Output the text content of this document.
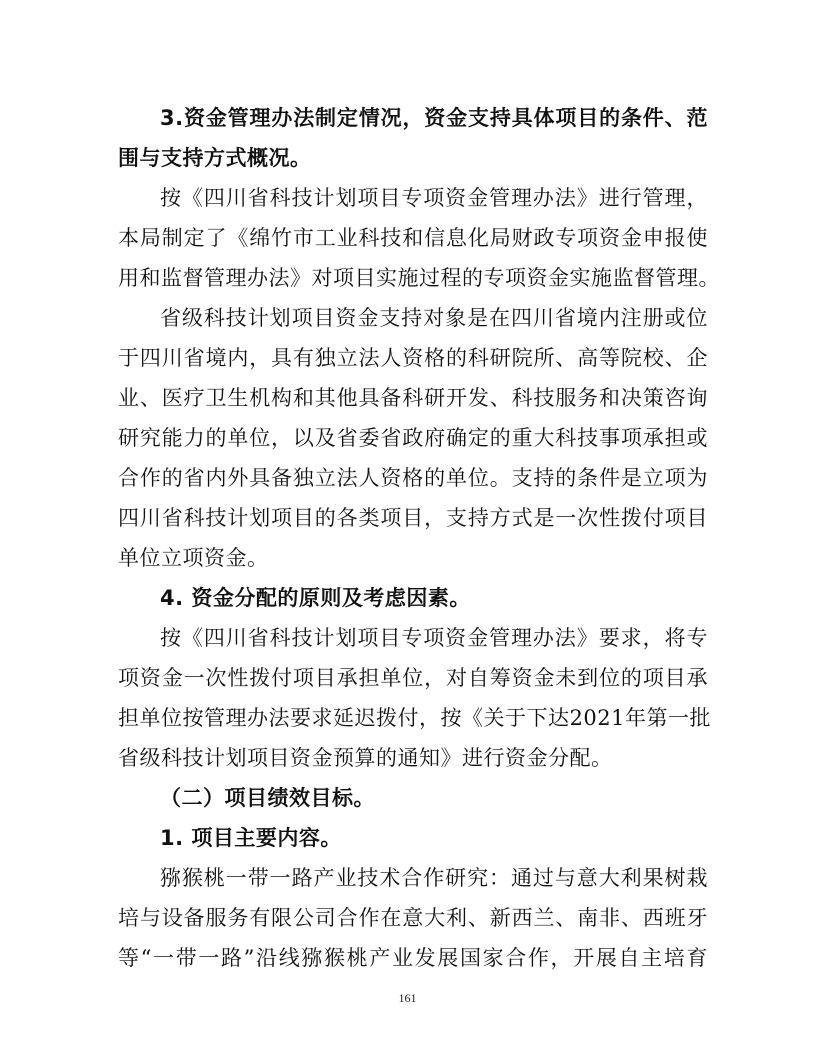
3.资金管理办法制定情况，资金支持具体项目的条件、范
围与支持方式概况。
按《四川省科技计划项目专项资金管理办法》进行管理，
本局制定了《绵竹市工业科技和信息化局财政专项资金申报使
用和监督管理办法》对项目实施过程的专项资金实施监督管理。
省级科技计划项目资金支持对象是在四川省境内注册或位
于四川省境内，具有独立法人资格的科研院所、高等院校、企
业、医疗卫生机构和其他具备科研开发、科技服务和决策咨询
研究能力的单位，以及省委省政府确定的重大科技事项承担或
合作的省内外具备独立法人资格的单位。支持的条件是立项为
四川省科技计划项目的各类项目，支持方式是一次性拨付项目
单位立项资金。
4. 资金分配的原则及考虑因素。
按《四川省科技计划项目专项资金管理办法》要求，将专
项资金一次性拨付项目承担单位，对自筹资金未到位的项目承
担单位按管理办法要求延迟拨付，按《关于下达2021年第一批
省级科技计划项目资金预算的通知》进行资金分配。
（二）项目绩效目标。
1. 项目主要内容。
猕猴桃一带一路产业技术合作研究：通过与意大利果树栽
培与设备服务有限公司合作在意大利、新西兰、南非、西班牙
等“一带一路”沿线猕猴桃产业发展国家合作，开展自主培育
161
